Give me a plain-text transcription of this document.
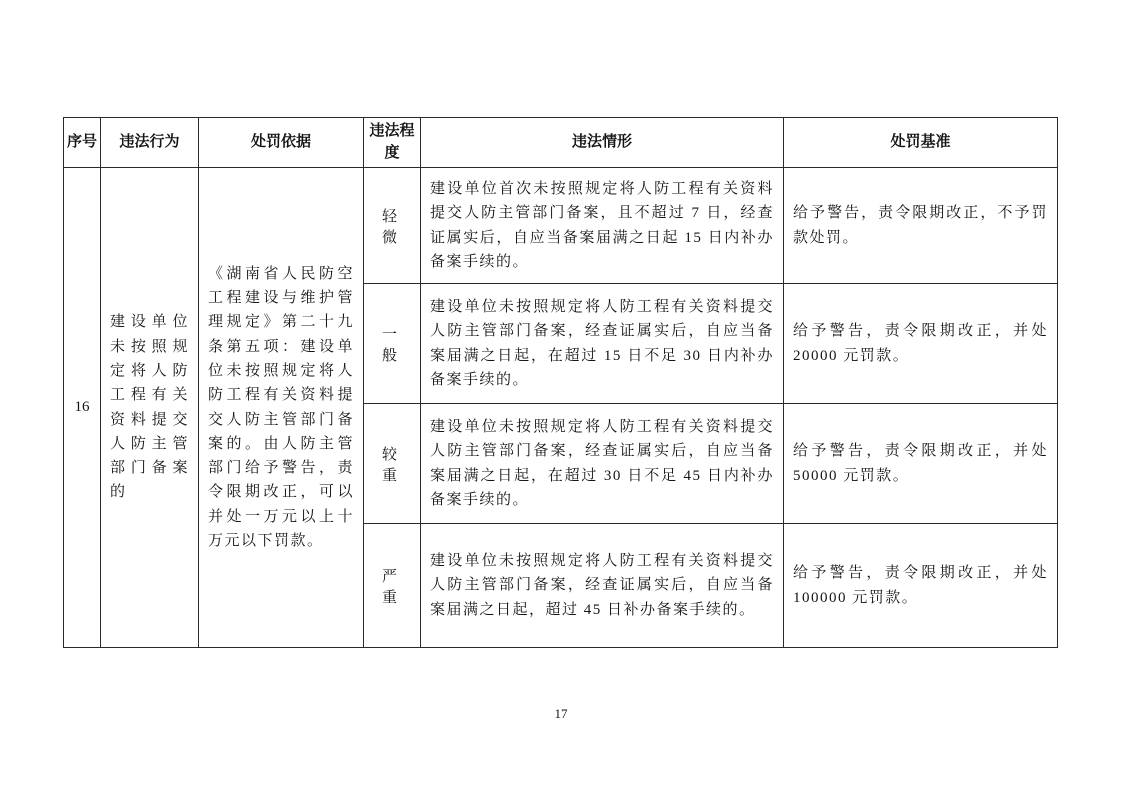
序号	违法行为	处罚依据	违法程度	违法情形	处罚基准
16	建设单位未按照规定将人防工程有关资料提交人防主管部门备案的	《湖南省人民防空工程建设与维护管理规定》第二十九条第五项：建设单位未按照规定将人防工程有关资料提交人防主管部门备案的。由人防主管部门给予警告，责令限期改正，可以并处一万元以上十万元以下罚款。	轻微	建设单位首次未按照规定将人防工程有关资料提交人防主管部门备案，且不超过 7 日，经查证属实后，自应当备案届满之日起 15 日内补办备案手续的。	给予警告，责令限期改正，不予罚款处罚。
			一般	建设单位未按照规定将人防工程有关资料提交人防主管部门备案，经查证属实后，自应当备案届满之日起，在超过 15 日不足 30 日内补办备案手续的。	给予警告，责令限期改正，并处 20000 元罚款。
			较重	建设单位未按照规定将人防工程有关资料提交人防主管部门备案，经查证属实后，自应当备案届满之日起，在超过 30 日不足 45 日内补办备案手续的。	给予警告，责令限期改正，并处 50000 元罚款。
			严重	建设单位未按照规定将人防工程有关资料提交人防主管部门备案，经查证属实后，自应当备案届满之日起，超过 45 日补办备案手续的。	给予警告，责令限期改正，并处 100000 元罚款。
17
